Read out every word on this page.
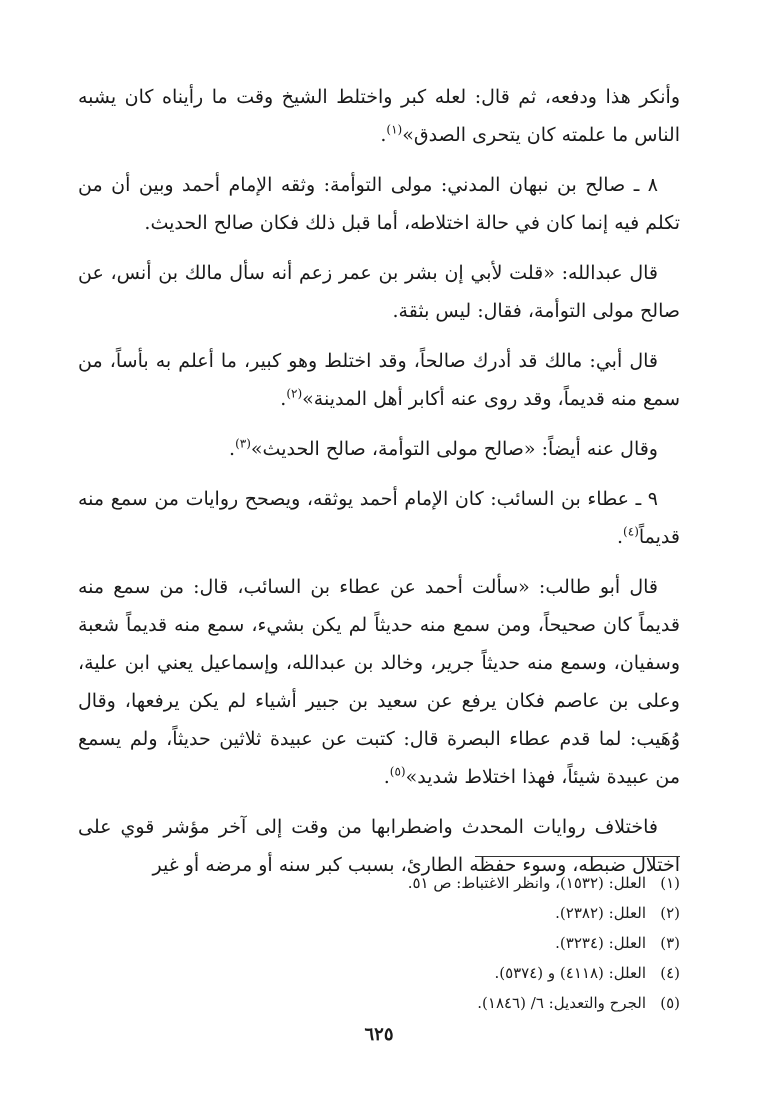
وأنكر هذا ودفعه، ثم قال: لعله كبر واختلط الشيخ وقت ما رأيناه كان يشبه الناس ما علمته كان يتحرى الصدق»$^{(١)}$.

٨ ـ صالح بن نبهان المدني: مولى التوأمة: وثقه الإمام أحمد وبين أن من تكلم فيه إنما كان في حالة اختلاطه، أما قبل ذلك فكان صالح الحديث.

قال عبدالله: «قلت لأبي إن بشر بن عمر زعم أنه سأل مالك بن أنس، عن صالح مولى التوأمة، فقال: ليس بثقة.

قال أبي: مالك قد أدرك صالحاً، وقد اختلط وهو كبير، ما أعلم به بأساً، من سمع منه قديماً، وقد روى عنه أكابر أهل المدينة»$^{(٢)}$.

وقال عنه أيضاً: «صالح مولى التوأمة، صالح الحديث»$^{(٣)}$.

٩ ـ عطاء بن السائب: كان الإمام أحمد يوثقه، ويصحح روايات من سمع منه قديماً$^{(٤)}$.

قال أبو طالب: «سألت أحمد عن عطاء بن السائب، قال: من سمع منه قديماً كان صحيحاً، ومن سمع منه حديثاً لم يكن بشيء، سمع منه قديماً شعبة وسفيان، وسمع منه حديثاً جرير، وخالد بن عبدالله، وإسماعيل يعني ابن علية، وعلى بن عاصم فكان يرفع عن سعيد بن جبير أشياء لم يكن يرفعها، وقال وُهَيب: لما قدم عطاء البصرة قال: كتبت عن عبيدة ثلاثين حديثاً، ولم يسمع من عبيدة شيئاً، فهذا اختلاط شديد»$^{(٥)}$.

فاختلاف روايات المحدث واضطرابها من وقت إلى آخر مؤشر قوي على اختلال ضبطه، وسوء حفظه الطارئ، بسبب كبر سنه أو مرضه أو غير

(١)العلل: (١٥٣٢)، وانظر الاغتباط: ص ٥١.
(٢)العلل: (٢٣٨٢).
(٣)العلل: (٣٢٣٤).
(٤)العلل: (٤١١٨) و (٥٣٧٤).
(٥)الجرح والتعديل: ٦/ (١٨٤٦).
٦٢٥
